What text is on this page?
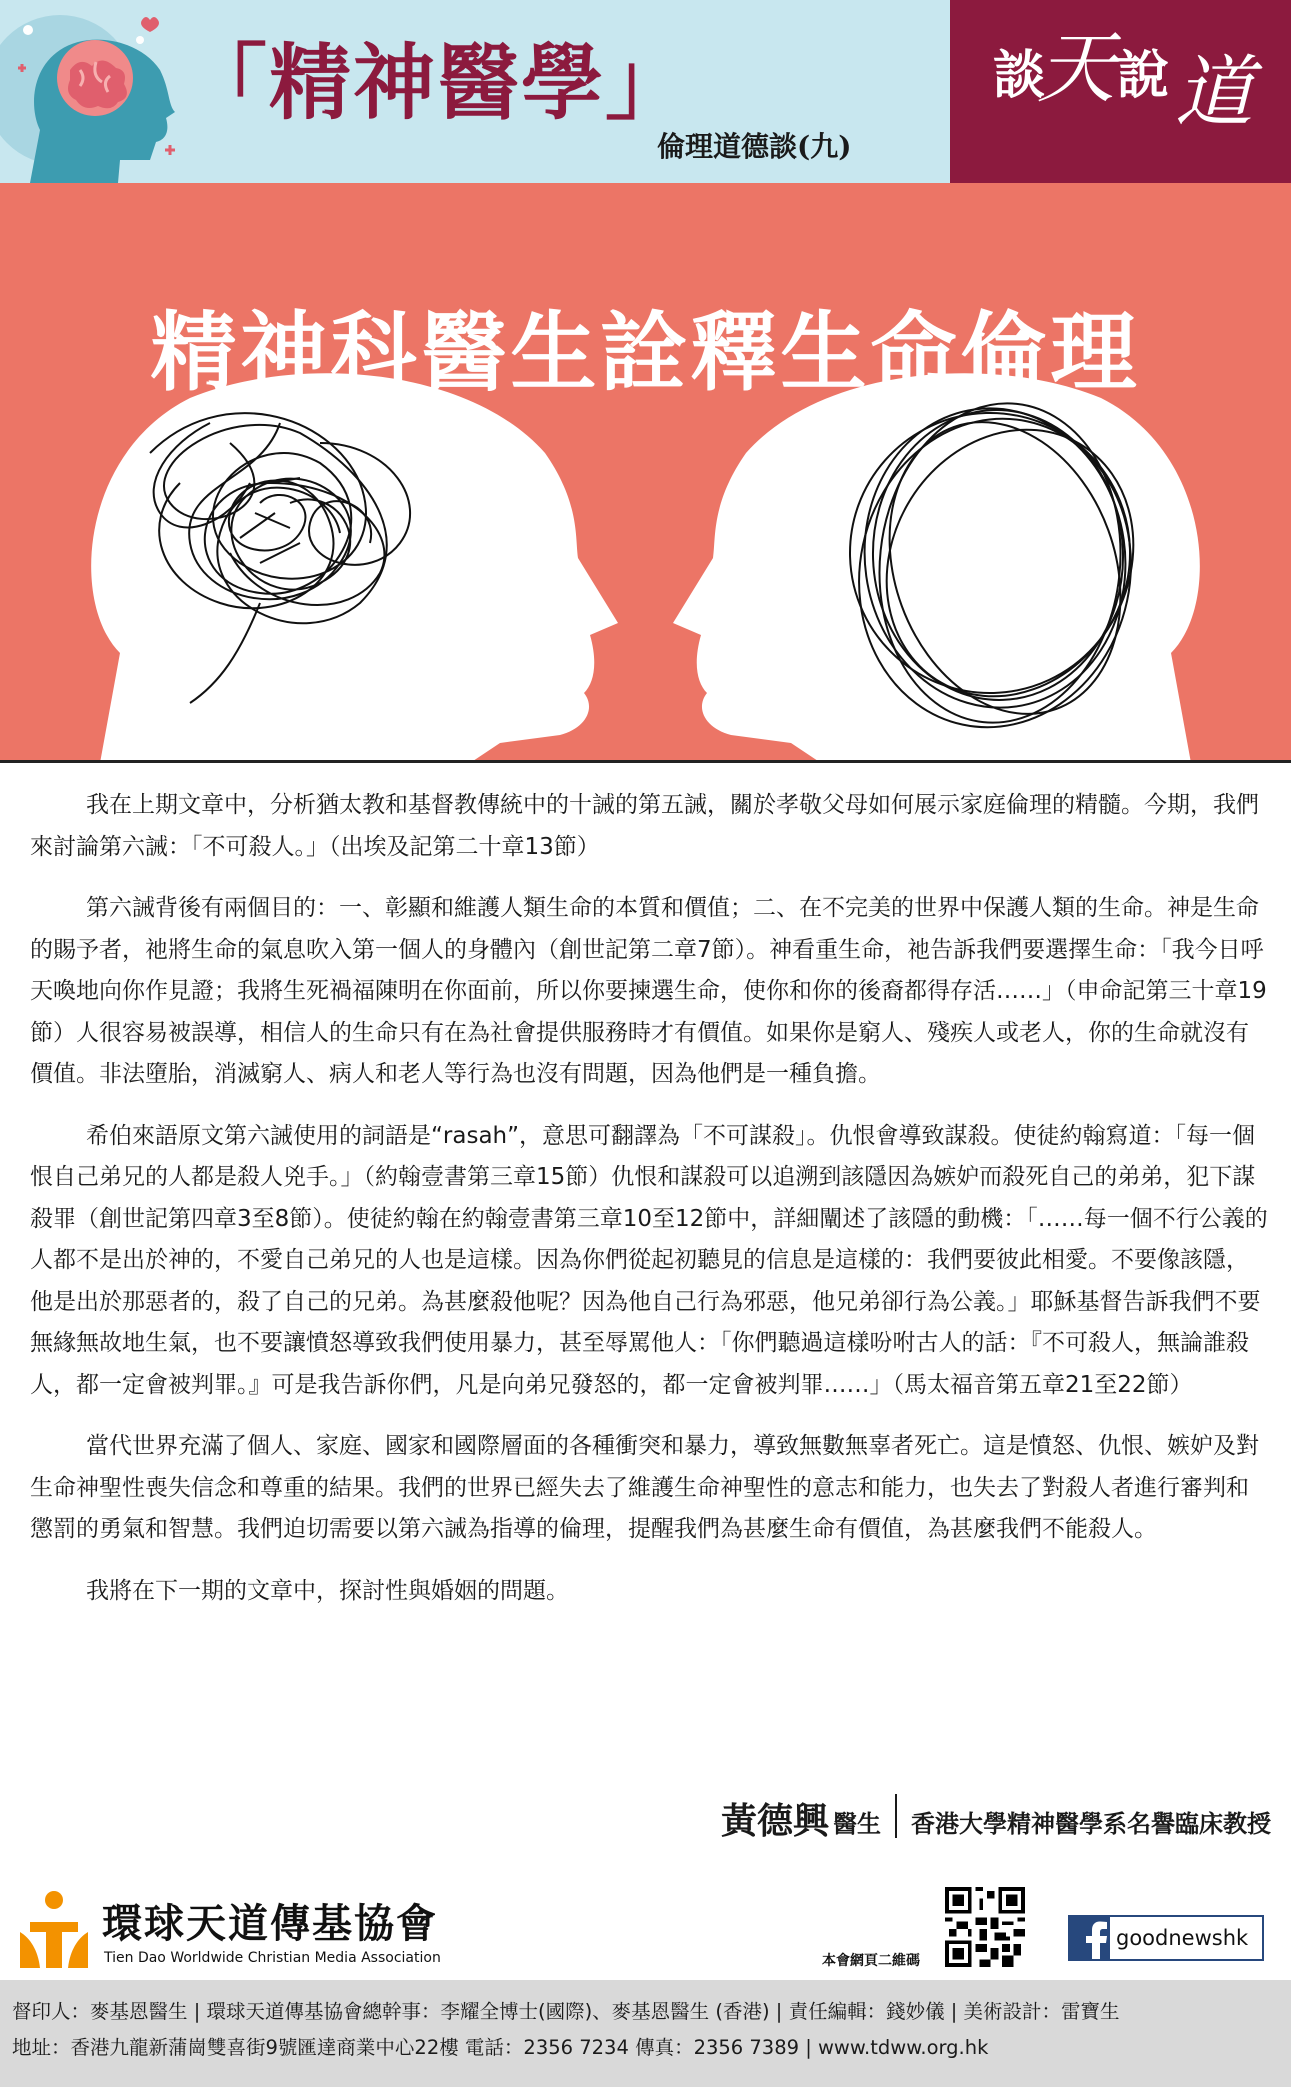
「精神醫學」
倫理道德談(九)
談
天 說 道
精神科醫生詮釋生命倫理

我在上期文章中，分析猶太教和基督教傳統中的十誡的第五誡，關於孝敬父母如何展示家庭倫理的精髓。今期，我們來討論第六誡：「不可殺人。」（出埃及記第二十章13節）

第六誡背後有兩個目的：一、彰顯和維護人類生命的本質和價值；二、在不完美的世界中保護人類的生命。神是生命的賜予者，祂將生命的氣息吹入第一個人的身體內（創世記第二章7節）。神看重生命，祂告訴我們要選擇生命：「我今日呼天喚地向你作見證；我將生死禍福陳明在你面前，所以你要揀選生命，使你和你的後裔都得存活……」（申命記第三十章19節）人很容易被誤導，相信人的生命只有在為社會提供服務時才有價值。如果你是窮人、殘疾人或老人，你的生命就沒有價值。非法墮胎，消滅窮人、病人和老人等行為也沒有問題，因為他們是一種負擔。

希伯來語原文第六誡使用的詞語是“rasah”，意思可翻譯為「不可謀殺」。仇恨會導致謀殺。使徒約翰寫道：「每一個恨自己弟兄的人都是殺人兇手。」（約翰壹書第三章15節）仇恨和謀殺可以追溯到該隱因為嫉妒而殺死自己的弟弟，犯下謀殺罪（創世記第四章3至8節）。使徒約翰在約翰壹書第三章10至12節中，詳細闡述了該隱的動機：「……每一個不行公義的人都不是出於神的，不愛自己弟兄的人也是這樣。因為你們從起初聽見的信息是這樣的：我們要彼此相愛。不要像該隱，他是出於那惡者的，殺了自己的兄弟。為甚麼殺他呢？因為他自己行為邪惡，他兄弟卻行為公義。」耶穌基督告訴我們不要無緣無故地生氣，也不要讓憤怒導致我們使用暴力，甚至辱罵他人：「你們聽過這樣吩咐古人的話：『不可殺人，無論誰殺人，都一定會被判罪。』可是我告訴你們，凡是向弟兄發怒的，都一定會被判罪……」（馬太福音第五章21至22節）

當代世界充滿了個人、家庭、國家和國際層面的各種衝突和暴力，導致無數無辜者死亡。這是憤怒、仇恨、嫉妒及對生命神聖性喪失信念和尊重的結果。我們的世界已經失去了維護生命神聖性的意志和能力，也失去了對殺人者進行審判和懲罰的勇氣和智慧。我們迫切需要以第六誡為指導的倫理，提醒我們為甚麼生命有價值，為甚麼我們不能殺人。

我將在下一期的文章中，探討性與婚姻的問題。

黃德興 醫生 香港大學精神醫學系名譽臨床教授
環球天道傳基協會
Tien Dao Worldwide Christian Media Association	本會網頁二維碼
goodnewshk
督印人：麥基恩醫生 | 環球天道傳基協會總幹事：李耀全博士(國際)、麥基恩醫生 (香港) | 責任編輯：錢妙儀 | 美術設計：雷寶生
地址：香港九龍新蒲崗雙喜街9號匯達商業中心22樓 電話：2356 7234 傳真：2356 7389 | www.tdww.org.hk
